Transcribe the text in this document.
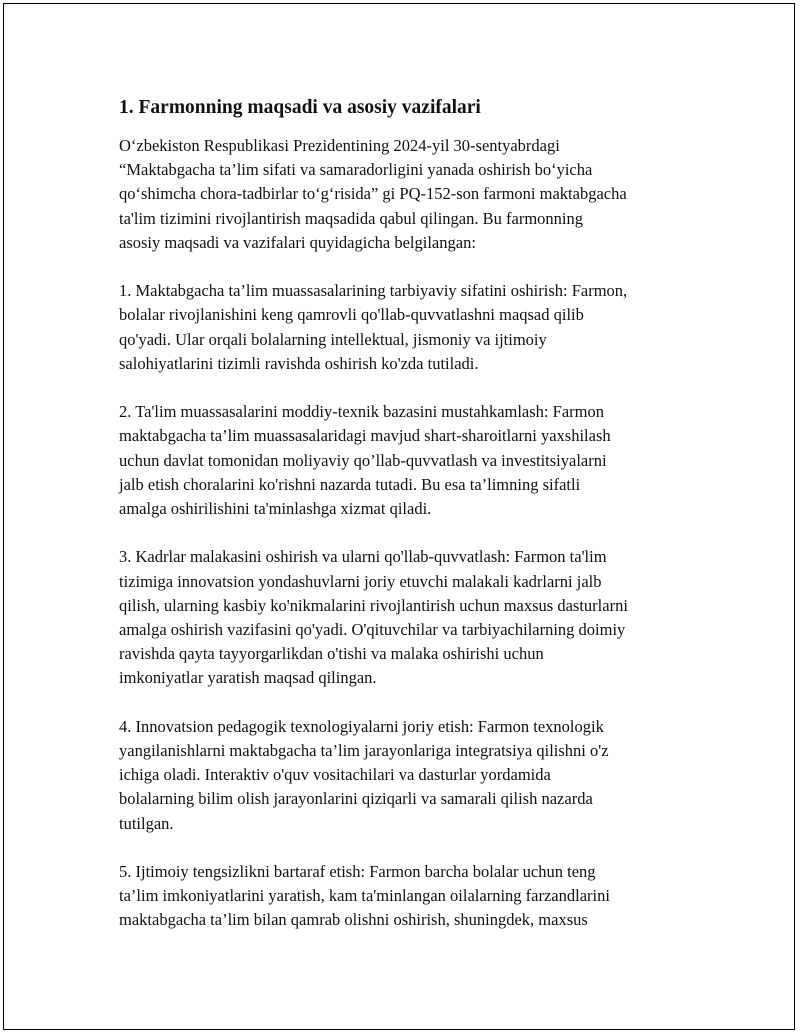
1. Farmonning maqsadi va asosiy vazifalari

O‘zbekiston Respublikasi Prezidentining 2024-yil 30-sentyabrdagi
“Maktabgacha ta’lim sifati va samaradorligini yanada oshirish bo‘yicha
qo‘shimcha chora-tadbirlar to‘g‘risida” gi PQ-152-son farmoni maktabgacha
ta'lim tizimini rivojlantirish maqsadida qabul qilingan. Bu farmonning
asosiy maqsadi va vazifalari quyidagicha belgilangan:

1. Maktabgacha ta’lim muassasalarining tarbiyaviy sifatini oshirish: Farmon,
bolalar rivojlanishini keng qamrovli qo'llab-quvvatlashni maqsad qilib
qo'yadi. Ular orqali bolalarning intellektual, jismoniy va ijtimoiy
salohiyatlarini tizimli ravishda oshirish ko'zda tutiladi.

2. Ta'lim muassasalarini moddiy-texnik bazasini mustahkamlash: Farmon
maktabgacha ta’lim muassasalaridagi mavjud shart-sharoitlarni yaxshilash
uchun davlat tomonidan moliyaviy qo’llab-quvvatlash va investitsiyalarni
jalb etish choralarini ko'rishni nazarda tutadi. Bu esa ta’limning sifatli
amalga oshirilishini ta'minlashga xizmat qiladi.

3. Kadrlar malakasini oshirish va ularni qo'llab-quvvatlash: Farmon ta'lim
tizimiga innovatsion yondashuvlarni joriy etuvchi malakali kadrlarni jalb
qilish, ularning kasbiy ko'nikmalarini rivojlantirish uchun maxsus dasturlarni
amalga oshirish vazifasini qo'yadi. O'qituvchilar va tarbiyachilarning doimiy
ravishda qayta tayyorgarlikdan o'tishi va malaka oshirishi uchun
imkoniyatlar yaratish maqsad qilingan.

4. Innovatsion pedagogik texnologiyalarni joriy etish: Farmon texnologik
yangilanishlarni maktabgacha ta’lim jarayonlariga integratsiya qilishni o'z
ichiga oladi. Interaktiv o'quv vositachilari va dasturlar yordamida
bolalarning bilim olish jarayonlarini qiziqarli va samarali qilish nazarda
tutilgan.

5. Ijtimoiy tengsizlikni bartaraf etish: Farmon barcha bolalar uchun teng
ta’lim imkoniyatlarini yaratish, kam ta'minlangan oilalarning farzandlarini
maktabgacha ta’lim bilan qamrab olishni oshirish, shuningdek, maxsus
